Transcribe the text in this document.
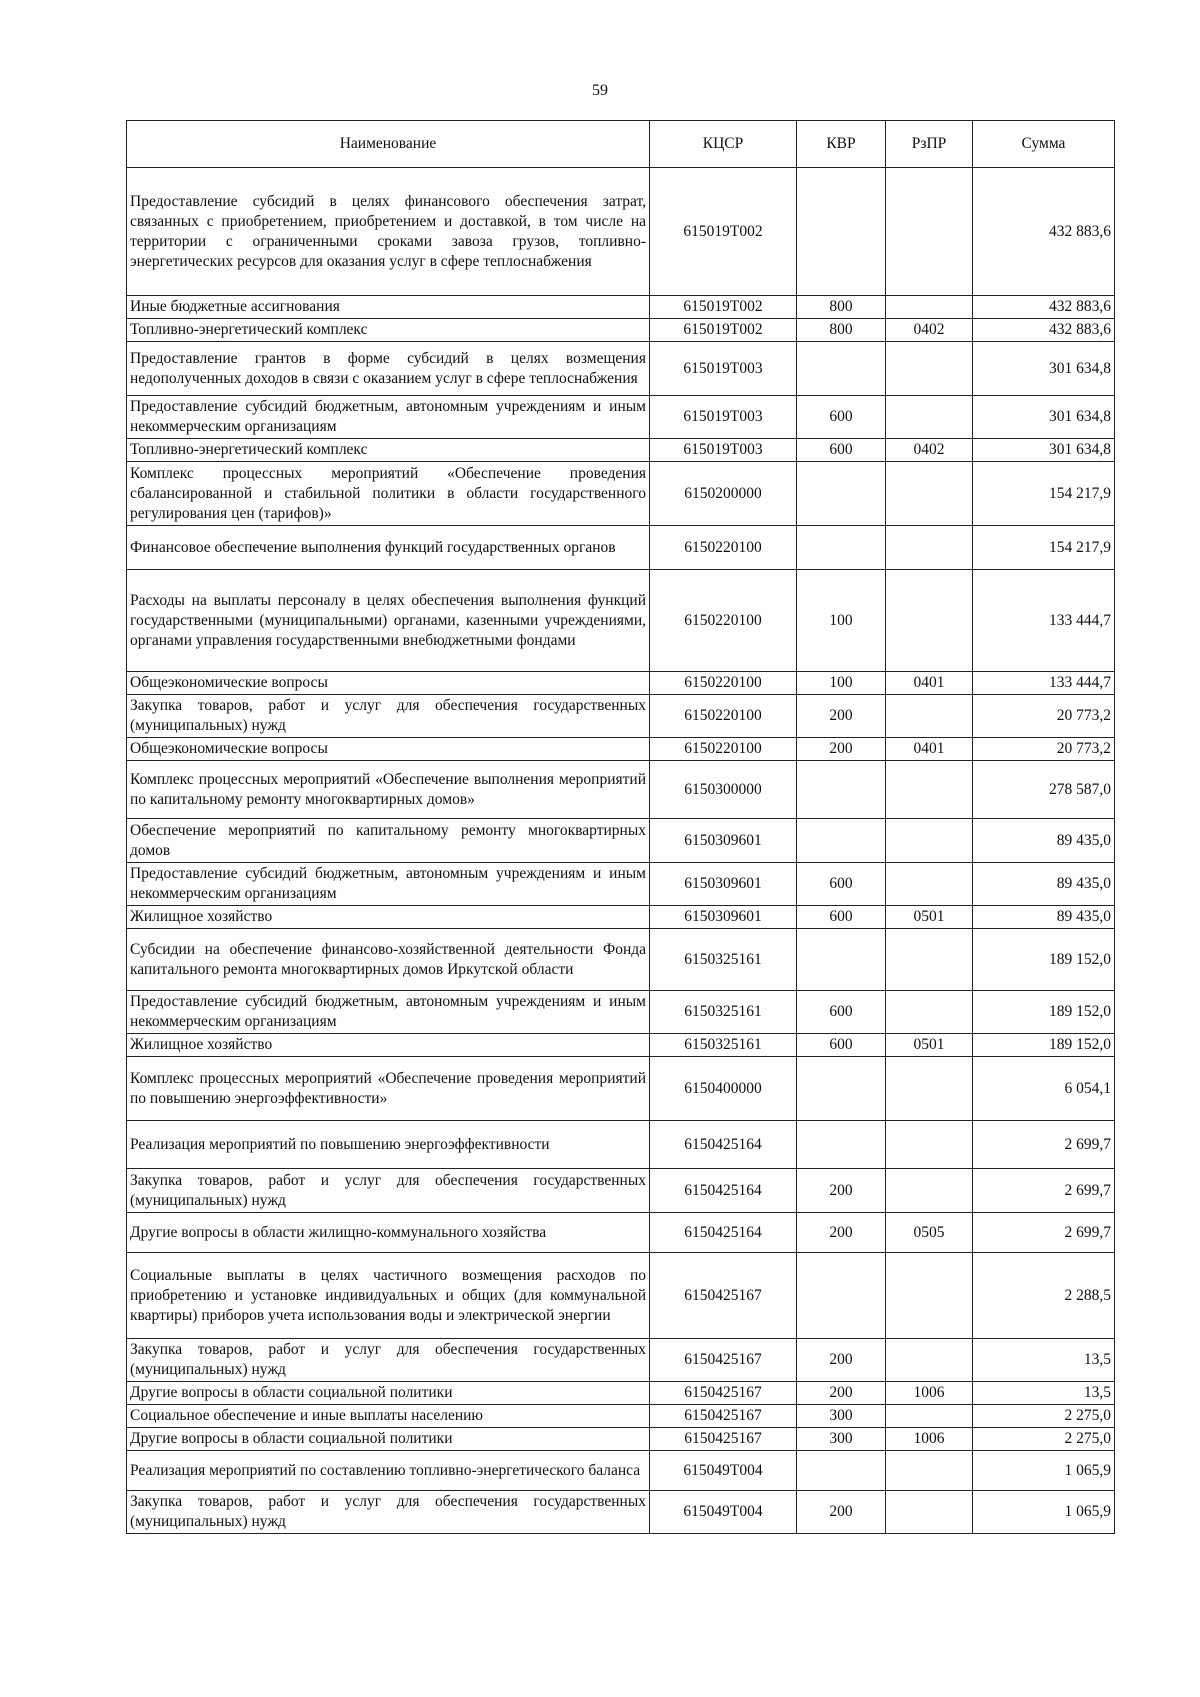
59
Наименование	КЦСР	КВР	РзПР	Сумма
Предоставление субсидий в целях финансового обеспечения затрат, связанных с приобретением, приобретением и доставкой, в том числе на территории с ограниченными сроками завоза грузов, топливно-энергетических ресурсов для оказания услуг в сфере теплоснабжения	615019Т002			432 883,6
Иные бюджетные ассигнования	615019Т002	800		432 883,6
Топливно-энергетический комплекс	615019Т002	800	0402	432 883,6
Предоставление грантов в форме субсидий в целях возмещения недополученных доходов в связи с оказанием услуг в сфере теплоснабжения	615019Т003			301 634,8
Предоставление субсидий бюджетным, автономным учреждениям и иным некоммерческим организациям	615019Т003	600		301 634,8
Топливно-энергетический комплекс	615019Т003	600	0402	301 634,8
Комплекс процессных мероприятий «Обеспечение проведения сбалансированной и стабильной политики в области государственного регулирования цен (тарифов)»	6150200000			154 217,9
Финансовое обеспечение выполнения функций государственных органов	6150220100			154 217,9
Расходы на выплаты персоналу в целях обеспечения выполнения функций государственными (муниципальными) органами, казенными учреждениями, органами управления государственными внебюджетными фондами	6150220100	100		133 444,7
Общеэкономические вопросы	6150220100	100	0401	133 444,7
Закупка товаров, работ и услуг для обеспечения государственных (муниципальных) нужд	6150220100	200		20 773,2
Общеэкономические вопросы	6150220100	200	0401	20 773,2
Комплекс процессных мероприятий «Обеспечение выполнения мероприятий по капитальному ремонту многоквартирных домов»	6150300000			278 587,0
Обеспечение мероприятий по капитальному ремонту многоквартирных домов	6150309601			89 435,0
Предоставление субсидий бюджетным, автономным учреждениям и иным некоммерческим организациям	6150309601	600		89 435,0
Жилищное хозяйство	6150309601	600	0501	89 435,0
Субсидии на обеспечение финансово-хозяйственной деятельности Фонда капитального ремонта многоквартирных домов Иркутской области	6150325161			189 152,0
Предоставление субсидий бюджетным, автономным учреждениям и иным некоммерческим организациям	6150325161	600		189 152,0
Жилищное хозяйство	6150325161	600	0501	189 152,0
Комплекс процессных мероприятий «Обеспечение проведения мероприятий по повышению энергоэффективности»	6150400000			6 054,1
Реализация мероприятий по повышению энергоэффективности	6150425164			2 699,7
Закупка товаров, работ и услуг для обеспечения государственных (муниципальных) нужд	6150425164	200		2 699,7
Другие вопросы в области жилищно-коммунального хозяйства	6150425164	200	0505	2 699,7
Социальные выплаты в целях частичного возмещения расходов по приобретению и установке индивидуальных и общих (для коммунальной квартиры) приборов учета использования воды и электрической энергии	6150425167			2 288,5
Закупка товаров, работ и услуг для обеспечения государственных (муниципальных) нужд	6150425167	200		13,5
Другие вопросы в области социальной политики	6150425167	200	1006	13,5
Социальное обеспечение и иные выплаты населению	6150425167	300		2 275,0
Другие вопросы в области социальной политики	6150425167	300	1006	2 275,0
Реализация мероприятий по составлению топливно-энергетического баланса	615049Т004			1 065,9
Закупка товаров, работ и услуг для обеспечения государственных (муниципальных) нужд	615049Т004	200		1 065,9
